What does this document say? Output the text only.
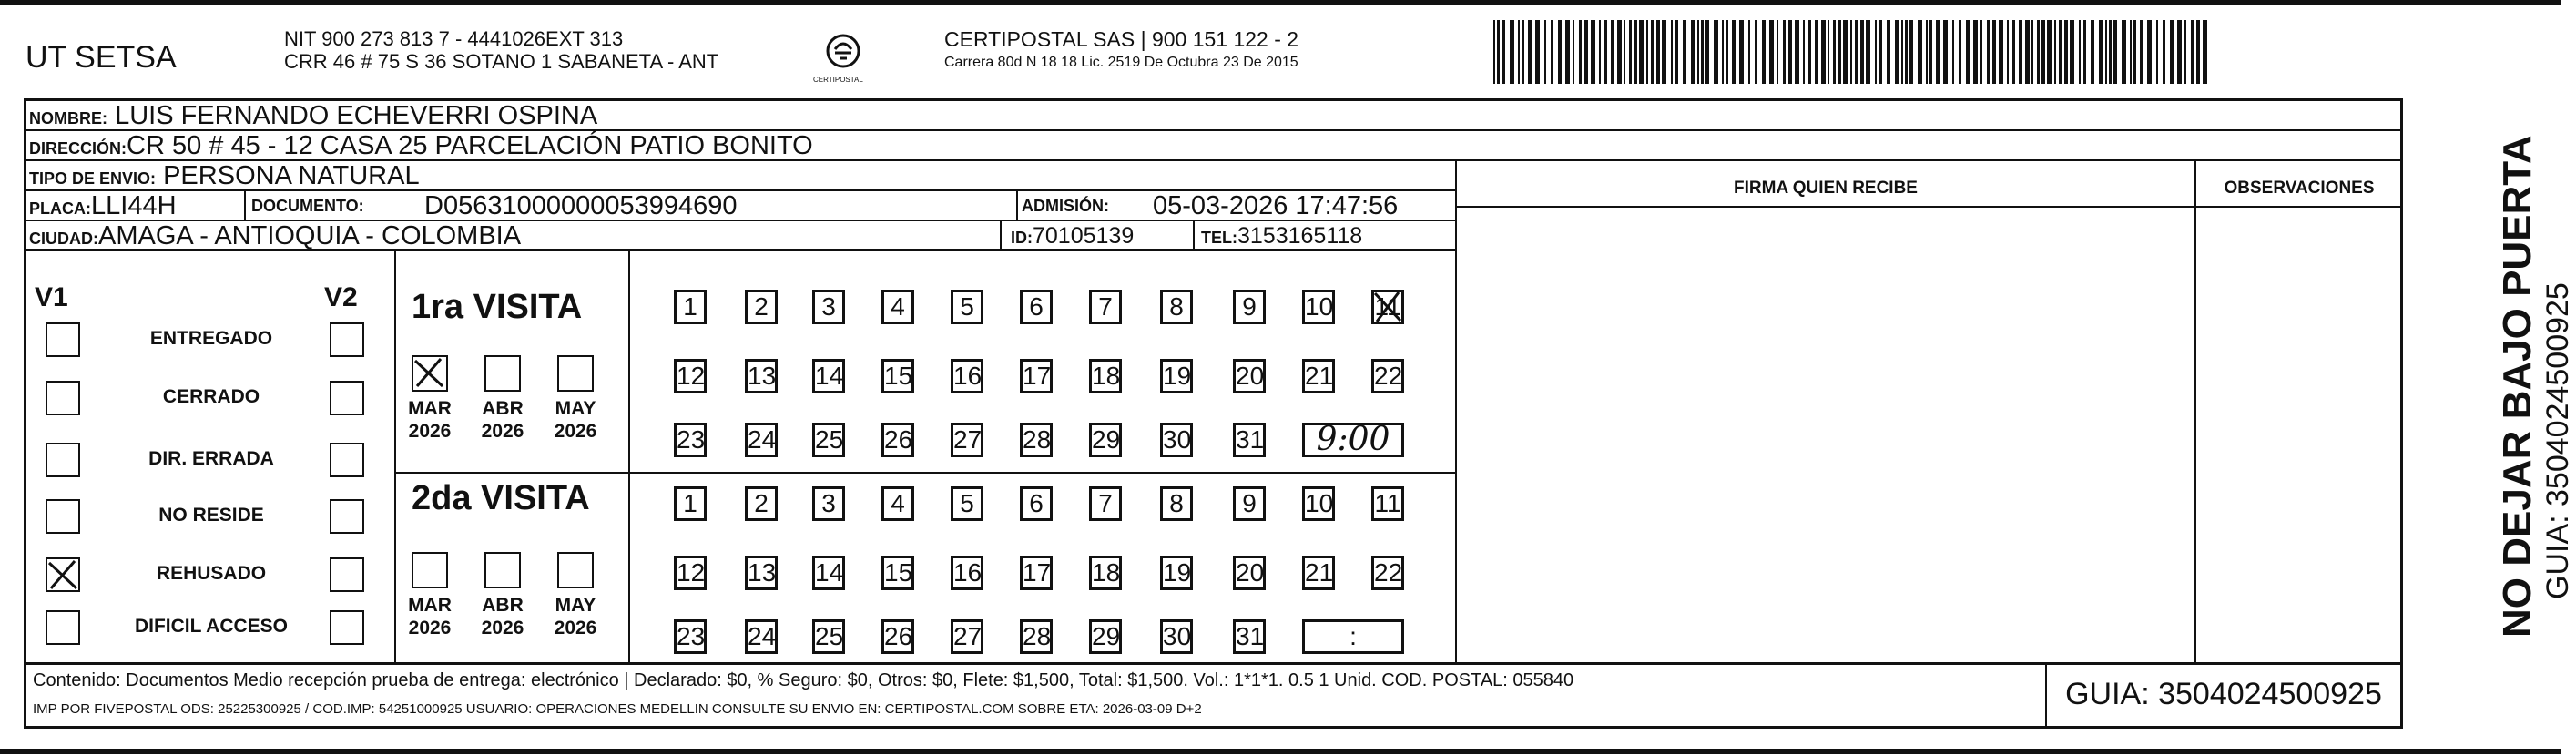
UT SETSA
NIT 900 273 813 7 - 4441026EXT 313
CRR 46 # 75 S 36 SOTANO 1 SABANETA - ANT
CERTIPOSTAL
CERTIPOSTAL SAS | 900 151 122 - 2
Carrera 80d N 18 18 Lic. 2519 De Octubra 23 De 2015
NOMBRE: LUIS FERNANDO ECHEVERRI OSPINA
DIRECCIÓN:CR 50 # 45 - 12 CASA 25 PARCELACIÓN PATIO BONITO
TIPO DE ENVIO: PERSONA NATURAL
PLACA:LLI44H	DOCUMENTO: D05631000000053994690	ADMISIÓN: 05-03-2026 17:47:56
CIUDAD:AMAGA - ANTIOQUIA - COLOMBIA	ID:70105139	TEL:3153165118
FIRMA QUIEN RECIBE	OBSERVACIONES
V1	V2
ENTREGADO
CERRADO
DIR. ERRADA
NO RESIDE
REHUSADO
DIFICIL ACCESO
1ra VISITA
2da VISITA
MAR
2026
ABR
2026
MAY
2026
1	2	3	4	5	6	7	8	9	10 11
12 13 14 15 16 17 18 19 20 21 22
23 24 25 26 27 28 29 30 31	9:00
MAR
2026
ABR
2026
MAY
2026
1	2	3	4	5	6	7	8	9	10 11
12 13 14 15 16 17 18 19 20 21 22
23 24 25 26 27 28 29 30 31	:
Contenido: Documentos Medio recepción prueba de entrega: electrónico | Declarado: $0, % Seguro: $0, Otros: $0, Flete: $1,500, Total: $1,500. Vol.: 1*1*1. 0.5 1 Unid. COD. POSTAL: 055840
IMP POR FIVEPOSTAL ODS: 25225300925 / COD.IMP: 54251000925 USUARIO: OPERACIONES MEDELLIN CONSULTE SU ENVIO EN: CERTIPOSTAL.COM SOBRE ETA: 2026-03-09 D+2	GUIA: 3504024500925
NO DEJAR BAJO PUERTA GUIA: 3504024500925
